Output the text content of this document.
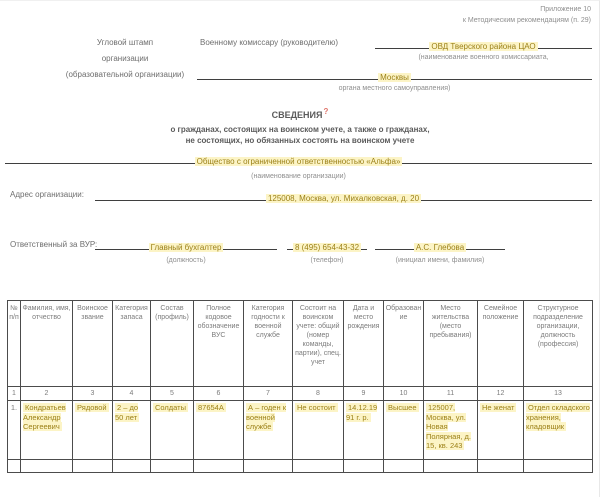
Приложение 10
к Методическим рекомендациям (п. 29)
Угловой штамп
организации
(образовательной организации)
Военному комиссару (руководителю)	ОВД Тверского района ЦАО
(наименование военного комиссариата,
Москвы
органа местного самоуправления)
СВЕДЕНИЯ?
о гражданах, состоящих на воинском учете, а также о гражданах,
не состоящих, но обязанных состоять на воинском учете
Общество с ограниченной ответственностью «Альфа»
(наименование организации)
Адрес организации:	125008, Москва, ул. Михалковская, д. 20
Ответственный за ВУР:	Главный бухгалтер
(должность)
8 (495) 654-43-32
(телефон)
А.С. Глебова
(инициал имени, фамилия)
№ п/п	Фамилия, имя, отчество	Воинское звание	Категория запаса	Состав (профиль)	Полное кодовое обозначение ВУС	Категория годности к военной службе	Состоит на воинском учете: общий (номер команды, партии), спец. учет	Дата и место рождения	Образование	Место жительства (место пребывания)	Семейное положение	Структурное подразделение организации, должность (профессия)
1	2	3	4	5	6	7	8	9	10	11	12	13
1.	Кондратьев Александр Сергеевич	Рядовой	2 – до 50 лет	Солдаты	87654А	А – годен к военной службе	Не состоит	14.12.1991 г. р.	Высшее	125007, Москва, ул. Новая Полярная, д. 15, кв. 243	Не женат	Отдел складского хранения, кладовщик
